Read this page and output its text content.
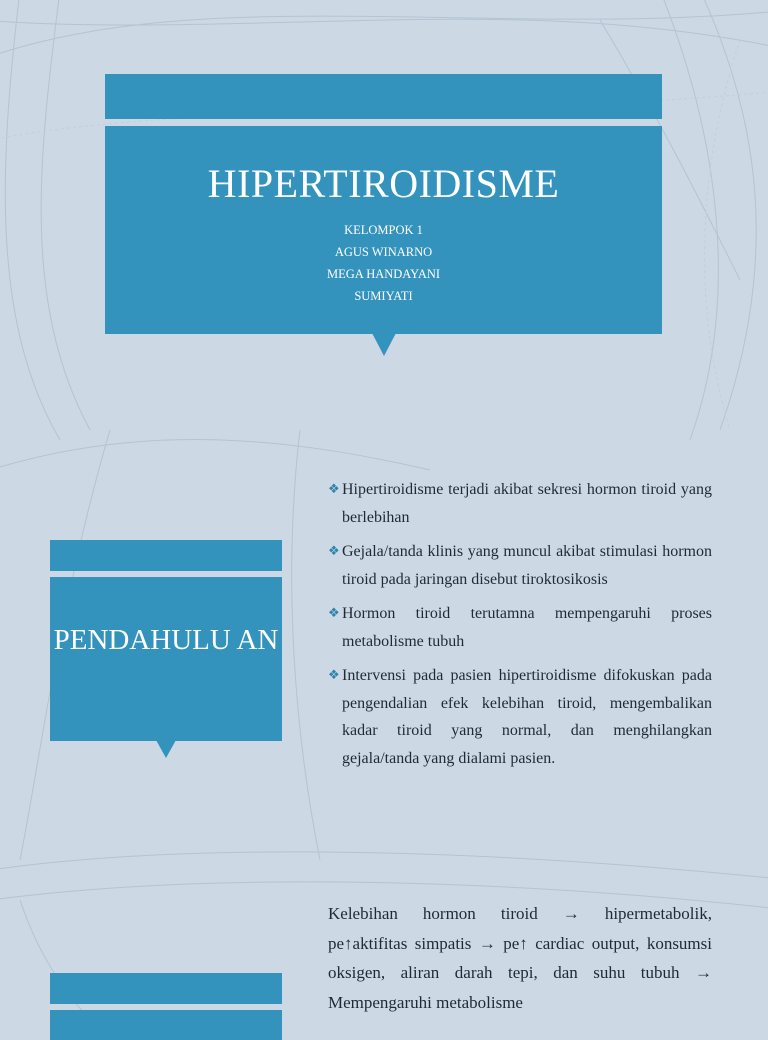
HIPERTIROIDISME
KELOMPOK 1
AGUS WINARNO
MEGA HANDAYANI
SUMIYATI
PENDAHULU AN
❖ Hipertiroidisme terjadi akibat sekresi hormon tiroid yang berlebihan
❖ Gejala/tanda klinis yang muncul akibat stimulasi hormon tiroid pada jaringan disebut tiroktosikosis
❖ Hormon tiroid terutamna mempengaruhi proses metabolisme tubuh
❖ Intervensi pada pasien hipertiroidisme difokuskan pada pengendalian efek kelebihan tiroid, mengembalikan kadar tiroid yang normal, dan menghilangkan gejala/tanda yang dialami pasien.
Kelebihan hormon tiroid → hipermetabolik, pe↑aktifitas simpatis → pe↑ cardiac output, konsumsi oksigen, aliran darah tepi, dan suhu tubuh → Mempengaruhi metabolisme
